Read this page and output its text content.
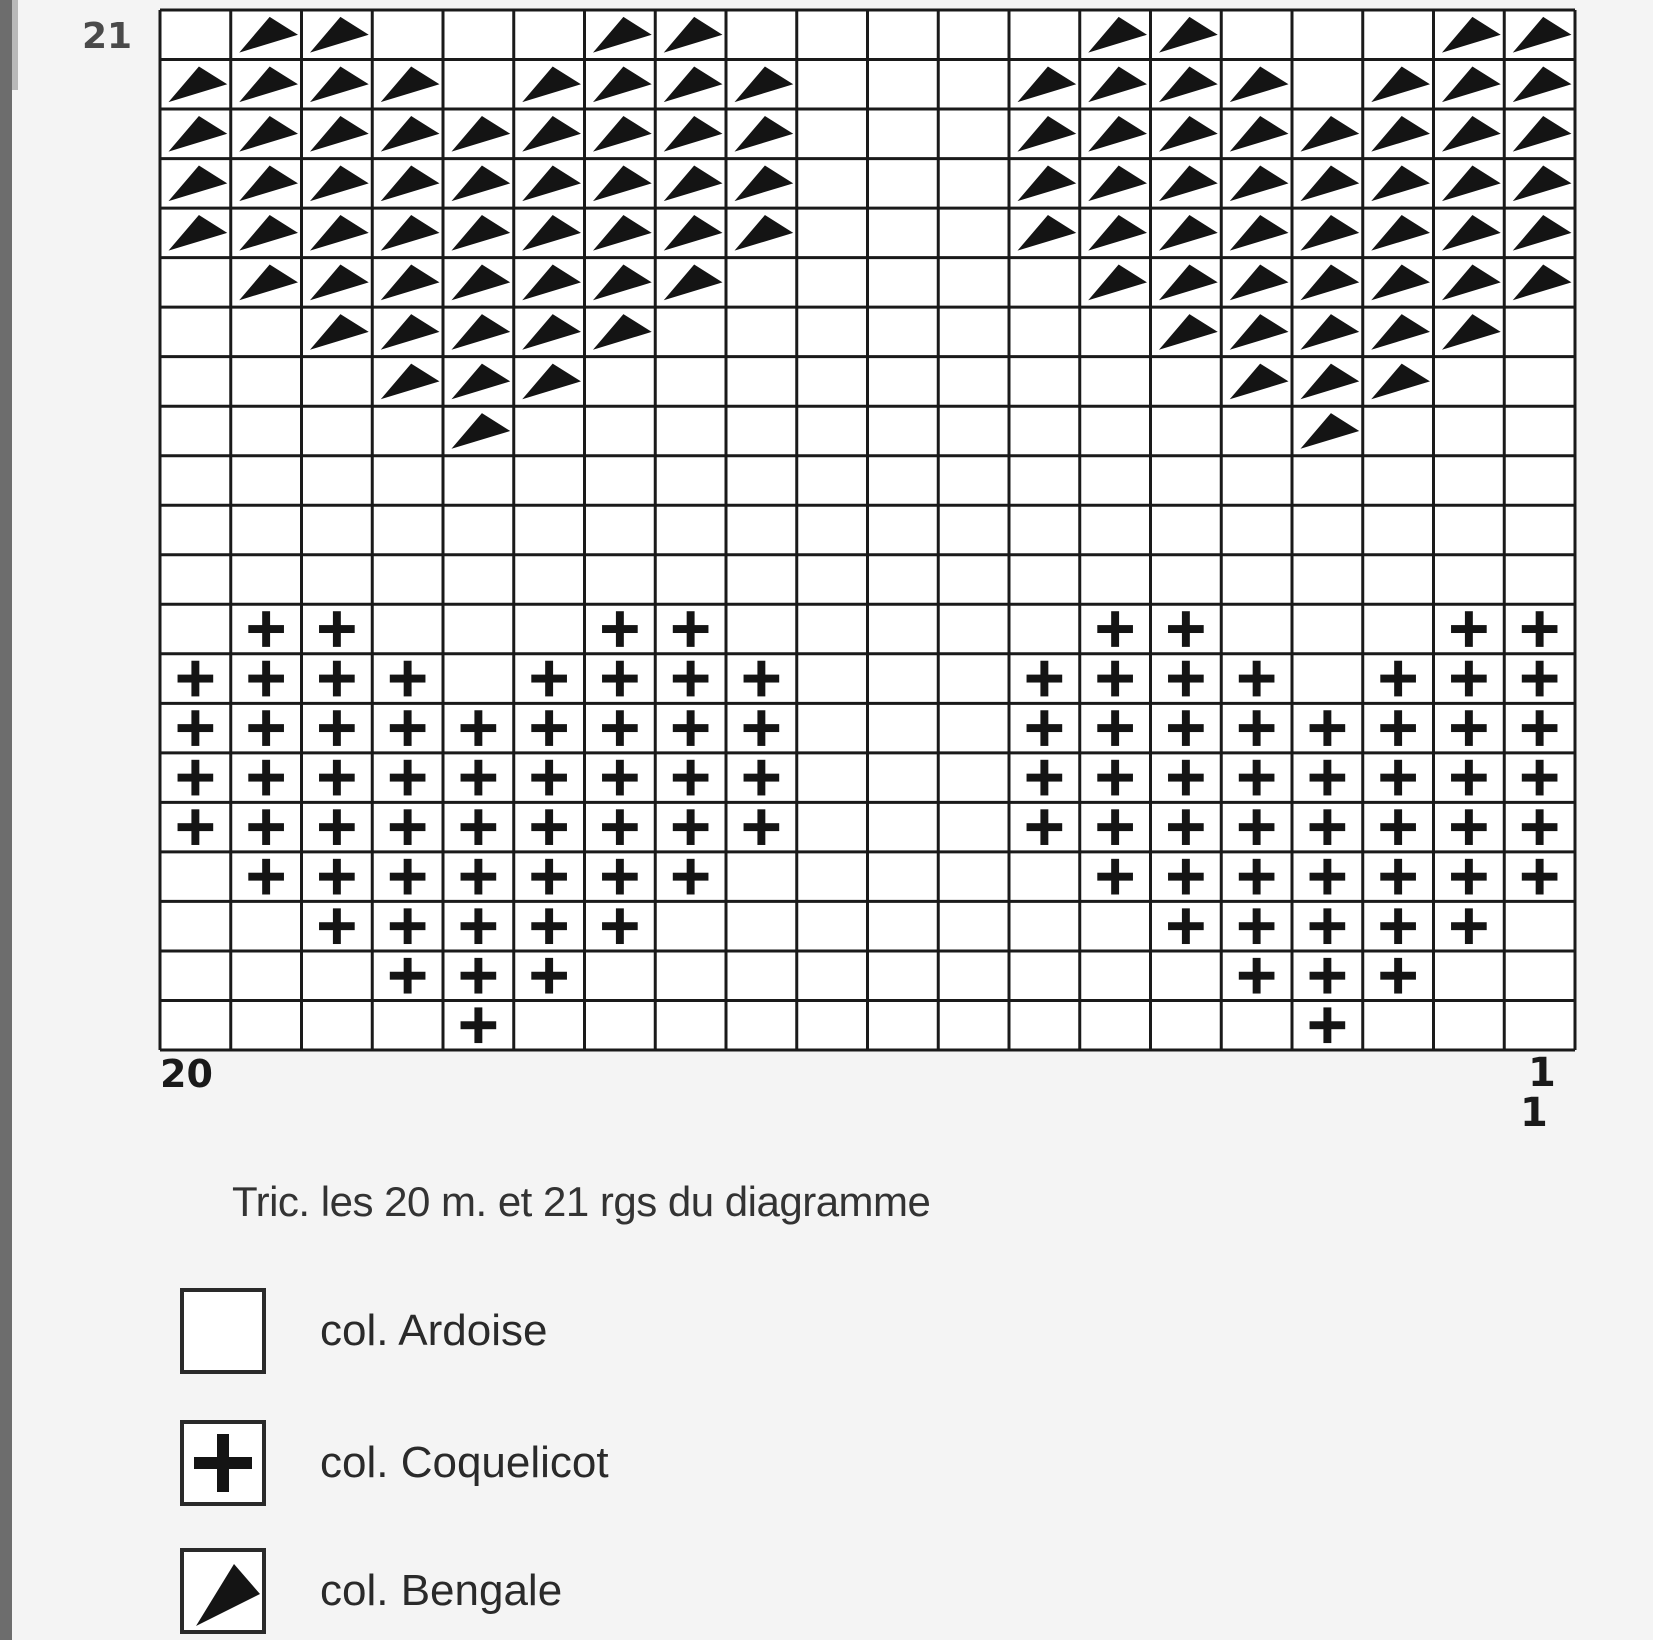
21
20	1
1
Tric. les 20 m. et 21 rgs du diagramme
col. Ardoise
col. Coquelicot
col. Bengale
